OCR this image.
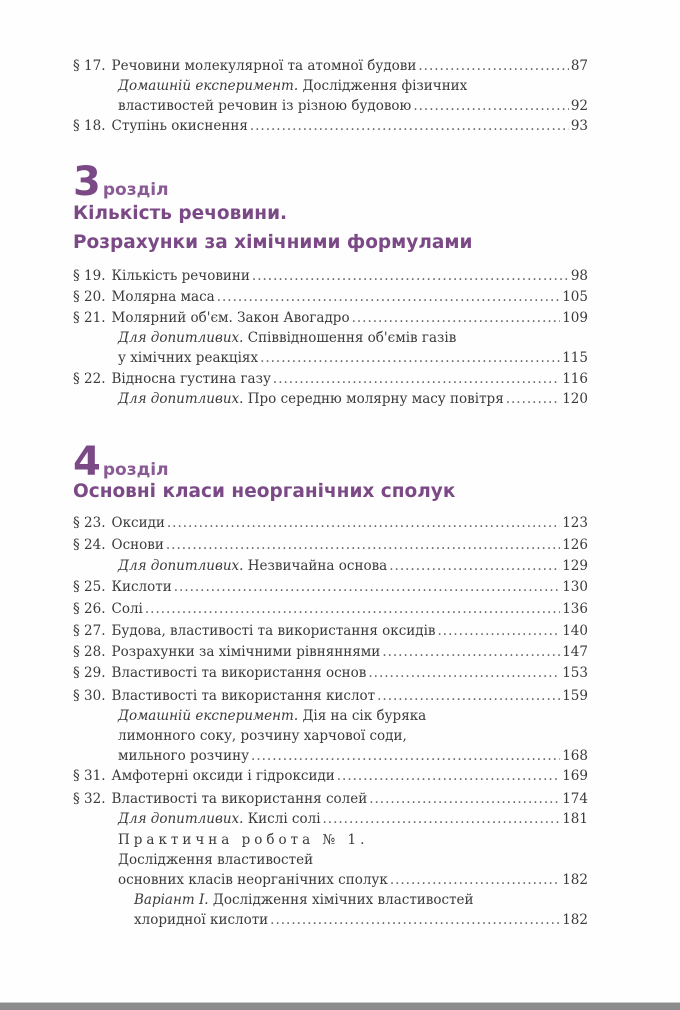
§ 17. Речовини молекулярної та атомної будови .....	87
Домашній експеримент. Дослідження фізичних
властивостей речовин із різною будовою .....	92
§ 18. Ступінь окиснення .....	93
3 розділ
Кількість речовини.
Розрахунки за хімічними формулами
§ 19. Кількість речовини .....	98
§ 20. Молярна маса .....	105
§ 21. Молярний об'єм. Закон Авогадро .....	109
Для допитливих. Співвідношення об'ємів газів
у хімічних реакціях .....	115
§ 22. Відносна густина газу .....	116
Для допитливих. Про середню молярну масу повітря .....	120
4 розділ
Основні класи неорганічних сполук
§ 23. Оксиди .....	123
§ 24. Основи .....	126
Для допитливих. Незвичайна основа .....	129
§ 25. Кислоти .....	130
§ 26. Солі .....	136
§ 27. Будова, властивості та використання оксидів .....	140
§ 28. Розрахунки за хімічними рівняннями .....	147
§ 29. Властивості та використання основ .....	153
§ 30. Властивості та використання кислот .....	159
Домашній експеримент. Дія на сік буряка
лимонного соку, розчину харчової соди,
мильного розчину .....	168
§ 31. Амфотерні оксиди і гідроксиди .....	169
§ 32. Властивості та використання солей .....	174
Для допитливих. Кислі солі .....	181
Практична робота № 1.
Дослідження властивостей
основних класів неорганічних сполук .....	182
Варіант I. Дослідження хімічних властивостей
хлоридної кислоти .....	182
